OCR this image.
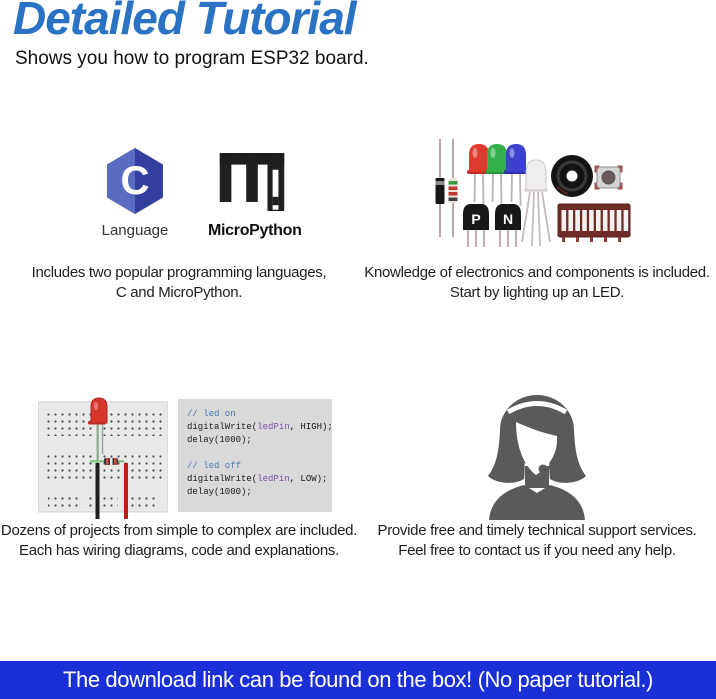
Detailed Tutorial

Shows you how to program ESP32 board.

C
Language	MicroPython
P N

Includes two popular programming languages,
C and MicroPython.

Knowledge of electronics and components is included.
Start by lighting up an LED.

// led on
digitalWrite(ledPin, HIGH);
delay(1000);
// led off
digitalWrite(ledPin, LOW);
delay(1000);

Dozens of projects from simple to complex are included.
Each has wiring diagrams, code and explanations.

Provide free and timely technical support services.
Feel free to contact us if you need any help.

The download link can be found on the box! (No paper tutorial.)
